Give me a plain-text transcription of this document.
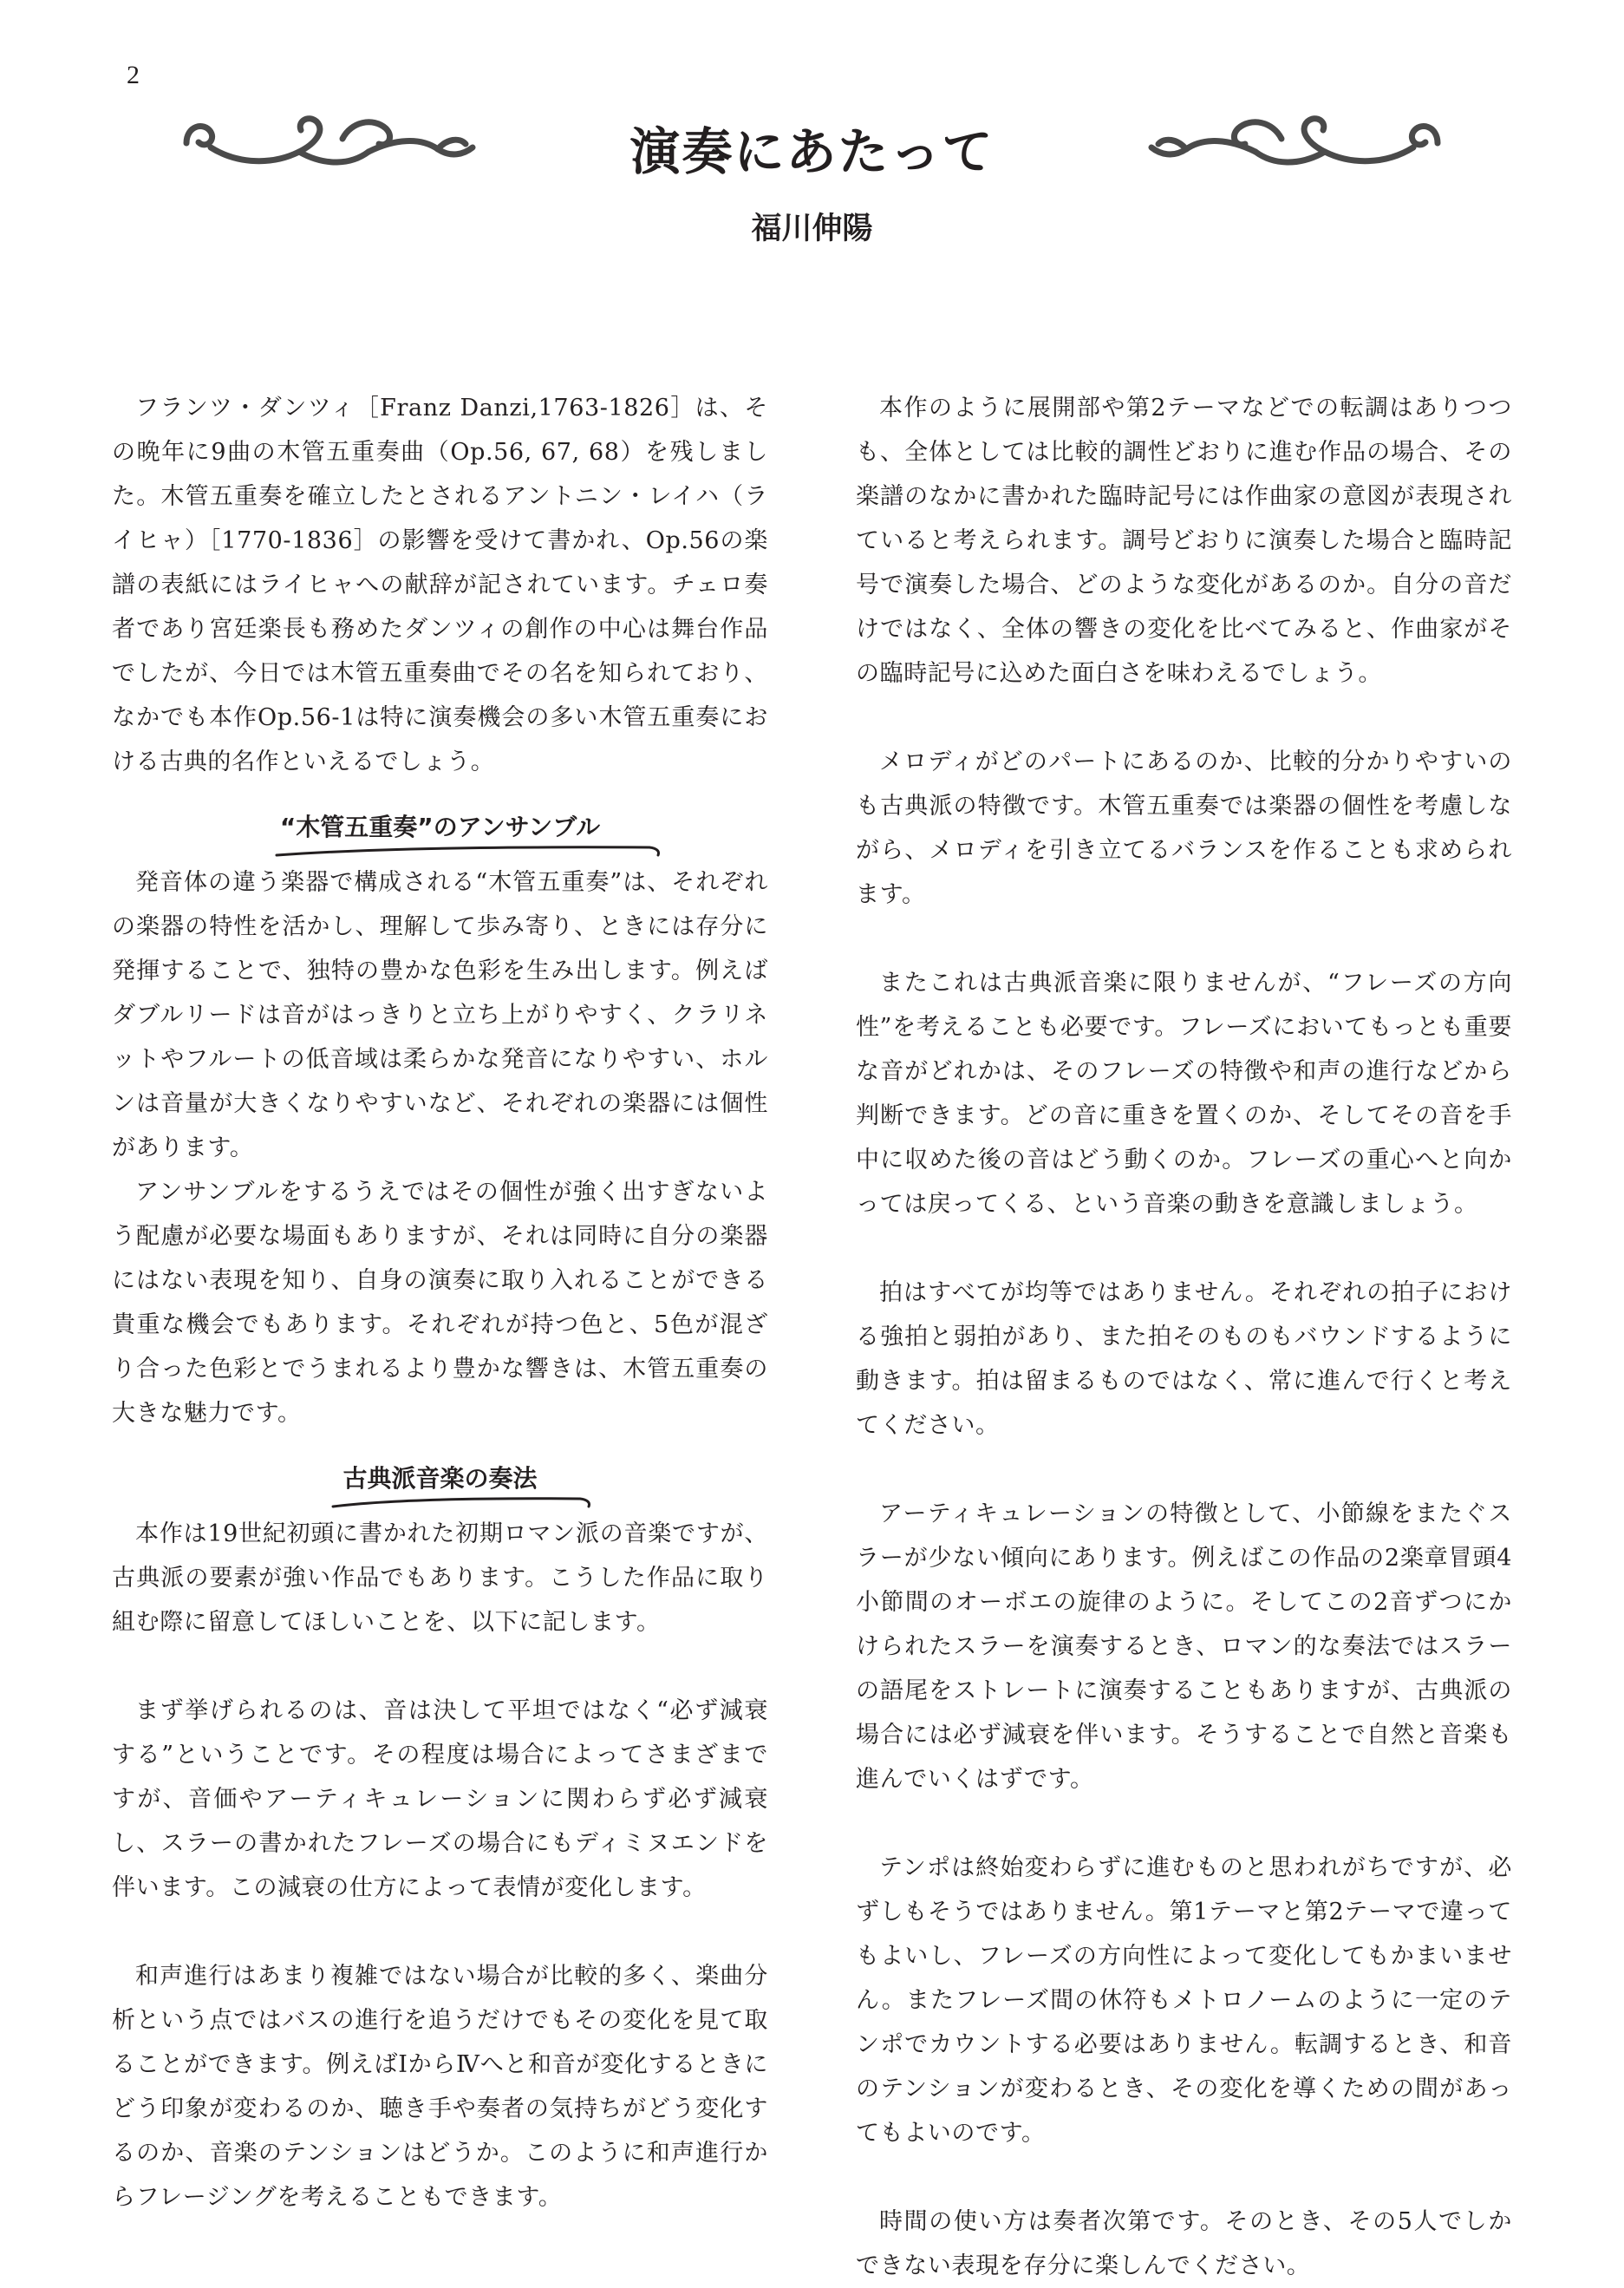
2
演奏にあたって
福川伸陽

フランツ・ダンツィ［Franz Danzi,1763-1826］は、その晩年に9曲の木管五重奏曲（Op.56, 67, 68）を残しました。木管五重奏を確立したとされるアントニン・レイハ（ライヒャ）［1770-1836］の影響を受けて書かれ、Op.56の楽譜の表紙にはライヒャへの献辞が記されています。チェロ奏者であり宮廷楽長も務めたダンツィの創作の中心は舞台作品でしたが、今日では木管五重奏曲でその名を知られており、なかでも本作Op.56-1は特に演奏機会の多い木管五重奏における古典的名作といえるでしょう。

“木管五重奏”のアンサンブル

発音体の違う楽器で構成される“木管五重奏”は、それぞれの楽器の特性を活かし、理解して歩み寄り、ときには存分に発揮することで、独特の豊かな色彩を生み出します。例えばダブルリードは音がはっきりと立ち上がりやすく、クラリネットやフルートの低音域は柔らかな発音になりやすい、ホルンは音量が大きくなりやすいなど、それぞれの楽器には個性があります。

アンサンブルをするうえではその個性が強く出すぎないよう配慮が必要な場面もありますが、それは同時に自分の楽器にはない表現を知り、自身の演奏に取り入れることができる貴重な機会でもあります。それぞれが持つ色と、5色が混ざり合った色彩とでうまれるより豊かな響きは、木管五重奏の大きな魅力です。

古典派音楽の奏法

本作は19世紀初頭に書かれた初期ロマン派の音楽ですが、古典派の要素が強い作品でもあります。こうした作品に取り組む際に留意してほしいことを、以下に記します。

まず挙げられるのは、音は決して平坦ではなく“必ず減衰する”ということです。その程度は場合によってさまざまですが、音価やアーティキュレーションに関わらず必ず減衰し、スラーの書かれたフレーズの場合にもディミヌエンドを伴います。この減衰の仕方によって表情が変化します。

和声進行はあまり複雑ではない場合が比較的多く、楽曲分析という点ではバスの進行を追うだけでもその変化を見て取ることができます。例えばⅠからⅣへと和音が変化するときにどう印象が変わるのか、聴き手や奏者の気持ちがどう変化するのか、音楽のテンションはどうか。このように和声進行からフレージングを考えることもできます。

本作のように展開部や第2テーマなどでの転調はありつつも、全体としては比較的調性どおりに進む作品の場合、その楽譜のなかに書かれた臨時記号には作曲家の意図が表現されていると考えられます。調号どおりに演奏した場合と臨時記号で演奏した場合、どのような変化があるのか。自分の音だけではなく、全体の響きの変化を比べてみると、作曲家がその臨時記号に込めた面白さを味わえるでしょう。

メロディがどのパートにあるのか、比較的分かりやすいのも古典派の特徴です。木管五重奏では楽器の個性を考慮しながら、メロディを引き立てるバランスを作ることも求められます。

またこれは古典派音楽に限りませんが、“フレーズの方向性”を考えることも必要です。フレーズにおいてもっとも重要な音がどれかは、そのフレーズの特徴や和声の進行などから判断できます。どの音に重きを置くのか、そしてその音を手中に収めた後の音はどう動くのか。フレーズの重心へと向かっては戻ってくる、という音楽の動きを意識しましょう。

拍はすべてが均等ではありません。それぞれの拍子における強拍と弱拍があり、また拍そのものもバウンドするように動きます。拍は留まるものではなく、常に進んで行くと考えてください。

アーティキュレーションの特徴として、小節線をまたぐスラーが少ない傾向にあります。例えばこの作品の2楽章冒頭4小節間のオーボエの旋律のように。そしてこの2音ずつにかけられたスラーを演奏するとき、ロマン的な奏法ではスラーの語尾をストレートに演奏することもありますが、古典派の場合には必ず減衰を伴います。そうすることで自然と音楽も進んでいくはずです。

テンポは終始変わらずに進むものと思われがちですが、必ずしもそうではありません。第1テーマと第2テーマで違ってもよいし、フレーズの方向性によって変化してもかまいません。またフレーズ間の休符もメトロノームのように一定のテンポでカウントする必要はありません。転調するとき、和音のテンションが変わるとき、その変化を導くための間があってもよいのです。

時間の使い方は奏者次第です。そのとき、その5人でしかできない表現を存分に楽しんでください。
